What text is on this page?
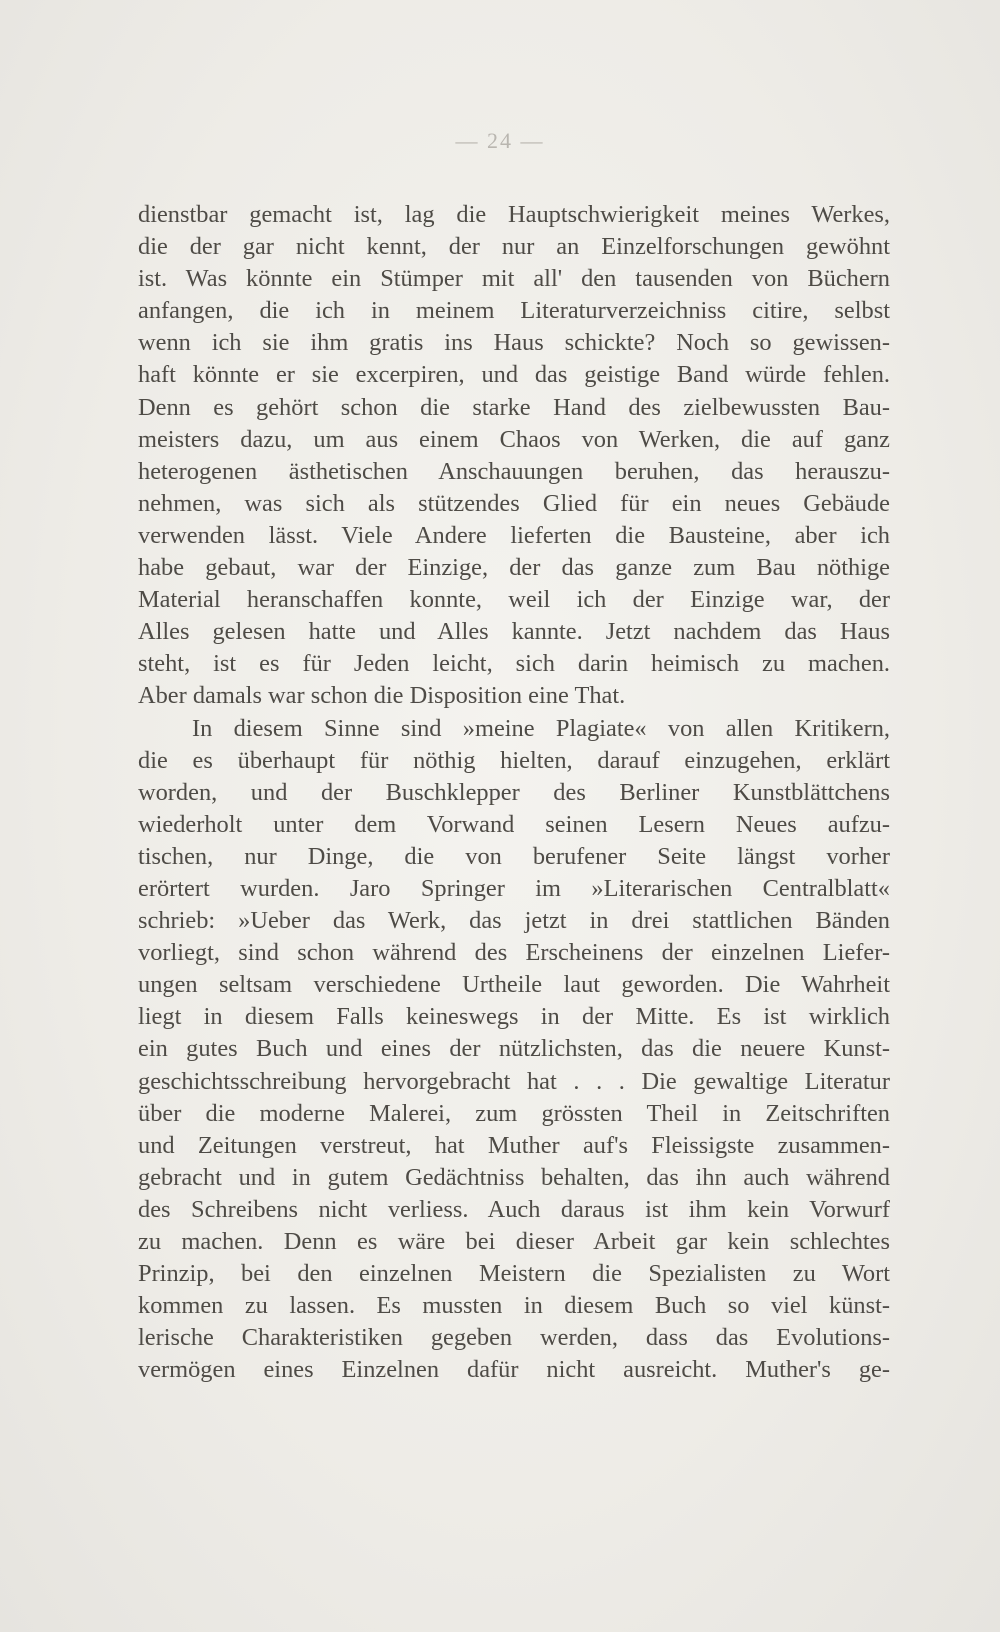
— 24 —
dienstbar gemacht ist, lag die Hauptschwierigkeit meines Werkes,
die der gar nicht kennt, der nur an Einzelforschungen gewöhnt
ist. Was könnte ein Stümper mit all' den tausenden von Büchern
anfangen, die ich in meinem Literaturverzeichniss citire, selbst
wenn ich sie ihm gratis ins Haus schickte? Noch so gewissen-
haft könnte er sie excerpiren, und das geistige Band würde fehlen.
Denn es gehört schon die starke Hand des zielbewussten Bau-
meisters dazu, um aus einem Chaos von Werken, die auf ganz
heterogenen ästhetischen Anschauungen beruhen, das herauszu-
nehmen, was sich als stützendes Glied für ein neues Gebäude
verwenden lässt. Viele Andere lieferten die Bausteine, aber ich
habe gebaut, war der Einzige, der das ganze zum Bau nöthige
Material heranschaffen konnte, weil ich der Einzige war, der
Alles gelesen hatte und Alles kannte. Jetzt nachdem das Haus
steht, ist es für Jeden leicht, sich darin heimisch zu machen.
Aber damals war schon die Disposition eine That.
In diesem Sinne sind »meine Plagiate« von allen Kritikern,
die es überhaupt für nöthig hielten, darauf einzugehen, erklärt
worden, und der Buschklepper des Berliner Kunstblättchens
wiederholt unter dem Vorwand seinen Lesern Neues aufzu-
tischen, nur Dinge, die von berufener Seite längst vorher
erörtert wurden. Jaro Springer im »Literarischen Centralblatt«
schrieb: »Ueber das Werk, das jetzt in drei stattlichen Bänden
vorliegt, sind schon während des Erscheinens der einzelnen Liefer-
ungen seltsam verschiedene Urtheile laut geworden. Die Wahrheit
liegt in diesem Falls keineswegs in der Mitte. Es ist wirklich
ein gutes Buch und eines der nützlichsten, das die neuere Kunst-
geschichtsschreibung hervorgebracht hat . . . Die gewaltige Literatur
über die moderne Malerei, zum grössten Theil in Zeitschriften
und Zeitungen verstreut, hat Muther auf's Fleissigste zusammen-
gebracht und in gutem Gedächtniss behalten, das ihn auch während
des Schreibens nicht verliess. Auch daraus ist ihm kein Vorwurf
zu machen. Denn es wäre bei dieser Arbeit gar kein schlechtes
Prinzip, bei den einzelnen Meistern die Spezialisten zu Wort
kommen zu lassen. Es mussten in diesem Buch so viel künst-
lerische Charakteristiken gegeben werden, dass das Evolutions-
vermögen eines Einzelnen dafür nicht ausreicht. Muther's ge-
